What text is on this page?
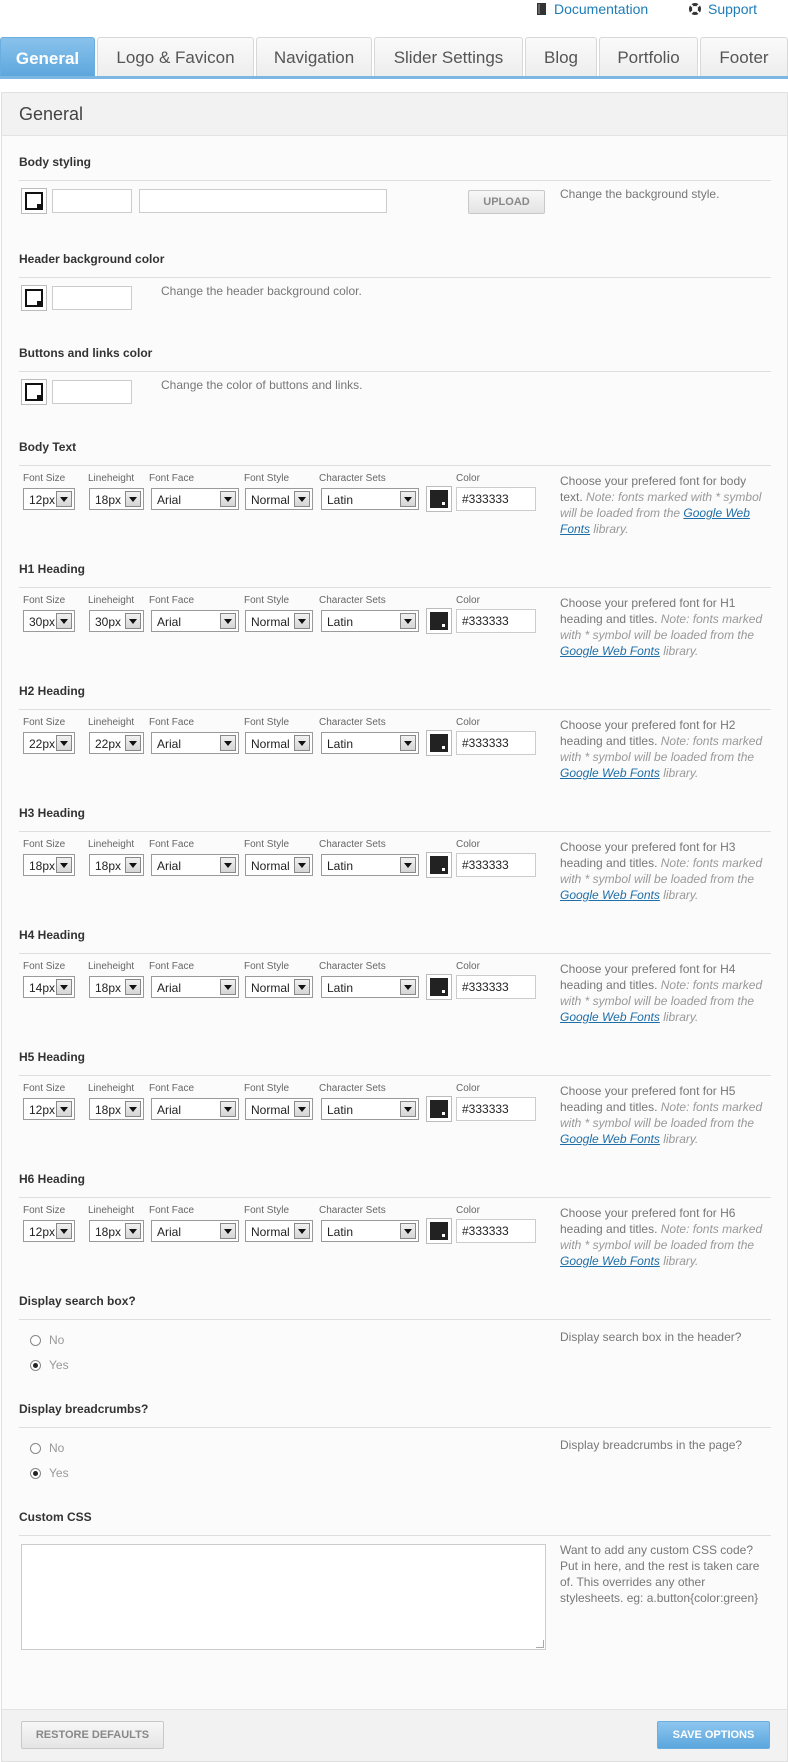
Documentation	Support
General Logo & Favicon Navigation Slider Settings Blog Portfolio Footer
General
Body styling
UPLOAD
Change the background style.
Header background color
Change the header background color.
Buttons and links color
Change the color of buttons and links.
Body Text
Font Size
12px
Lineheight
18px
Font Face
Arial
Font Style
Normal
Character Sets
Latin
Color
#333333
Choose your prefered font for body text. Note: fonts marked with * symbol will be loaded from the Google Web Fonts library.
H1 Heading
Font Size
30px
Lineheight
30px
Font Face
Arial
Font Style
Normal
Character Sets
Latin
Color
#333333
Choose your prefered font for H1 heading and titles. Note: fonts marked with * symbol will be loaded from the Google Web Fonts library.
H2 Heading
Font Size
22px
Lineheight
22px
Font Face
Arial
Font Style
Normal
Character Sets
Latin
Color
#333333
Choose your prefered font for H2 heading and titles. Note: fonts marked with * symbol will be loaded from the Google Web Fonts library.
H3 Heading
Font Size
18px
Lineheight
18px
Font Face
Arial
Font Style
Normal
Character Sets
Latin
Color
#333333
Choose your prefered font for H3 heading and titles. Note: fonts marked with * symbol will be loaded from the Google Web Fonts library.
H4 Heading
Font Size
14px
Lineheight
18px
Font Face
Arial
Font Style
Normal
Character Sets
Latin
Color
#333333
Choose your prefered font for H4 heading and titles. Note: fonts marked with * symbol will be loaded from the Google Web Fonts library.
H5 Heading
Font Size
12px
Lineheight
18px
Font Face
Arial
Font Style
Normal
Character Sets
Latin
Color
#333333
Choose your prefered font for H5 heading and titles. Note: fonts marked with * symbol will be loaded from the Google Web Fonts library.
H6 Heading
Font Size
12px
Lineheight
18px
Font Face
Arial
Font Style
Normal
Character Sets
Latin
Color
#333333
Choose your prefered font for H6 heading and titles. Note: fonts marked with * symbol will be loaded from the Google Web Fonts library.
Display search box?
No
Yes
Display search box in the header?
Display breadcrumbs?
No
Yes
Display breadcrumbs in the page?
Custom CSS
Want to add any custom CSS code? Put in here, and the rest is taken care of. This overrides any other stylesheets. eg: a.button{color:green}
RESTORE DEFAULTS	SAVE OPTIONS
